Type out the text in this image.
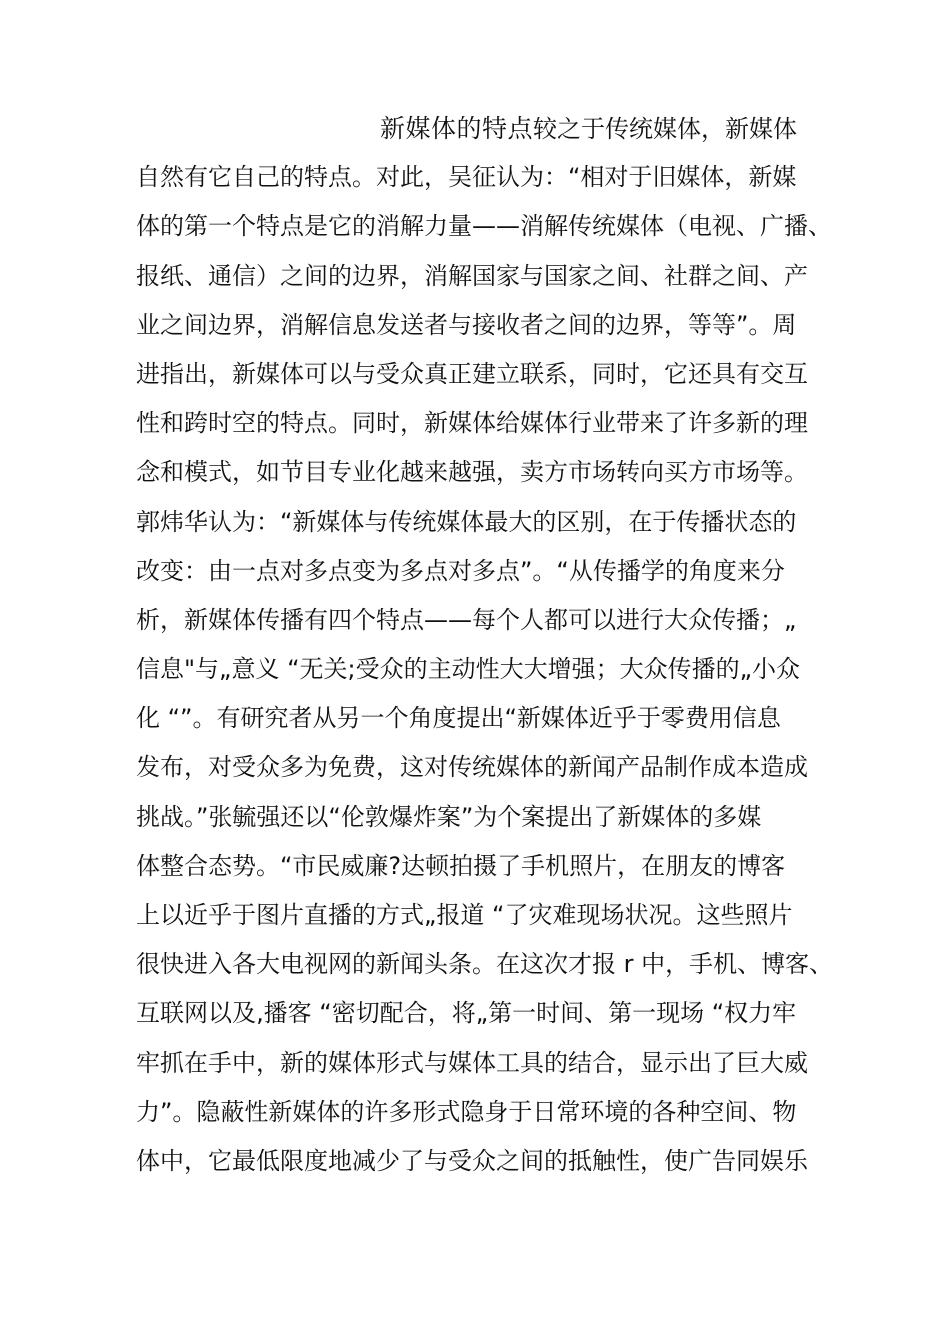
新媒体的特点较之于传统媒体，新媒体
自然有它自己的特点。对此，吴征认为：“相对于旧媒体，新媒
体的第一个特点是它的消解力量——消解传统媒体（电视、广播、
报纸、通信）之间的边界，消解国家与国家之间、社群之间、产
业之间边界，消解信息发送者与接收者之间的边界，等等”。周
进指出，新媒体可以与受众真正建立联系，同时，它还具有交互
性和跨时空的特点。同时，新媒体给媒体行业带来了许多新的理
念和模式，如节目专业化越来越强，卖方市场转向买方市场等。
郭炜华认为：“新媒体与传统媒体最大的区别，在于传播状态的
改变：由一点对多点变为多点对多点”。“从传播学的角度来分
析，新媒体传播有四个特点——每个人都可以进行大众传播；„
信息"与„意义 “无关;受众的主动性大大增强；大众传播的„小众
化 “”。有研究者从另一个角度提出“新媒体近乎于零费用信息
发布，对受众多为免费，这对传统媒体的新闻产品制作成本造成
挑战。”张毓强还以“伦敦爆炸案”为个案提出了新媒体的多媒
体整合态势。“市民威廉?达顿拍摄了手机照片，在朋友的博客
上以近乎于图片直播的方式„报道 “了灾难现场状况。这些照片
很快进入各大电视网的新闻头条。在这次才报 r 中，手机、博客、
互联网以及‚播客 “密切配合，将„第一时间、第一现场 “权力牢
牢抓在手中，新的媒体形式与媒体工具的结合，显示出了巨大威
力”。隐蔽性新媒体的许多形式隐身于日常环境的各种空间、物
体中，它最低限度地减少了与受众之间的抵触性，使广告同娱乐
